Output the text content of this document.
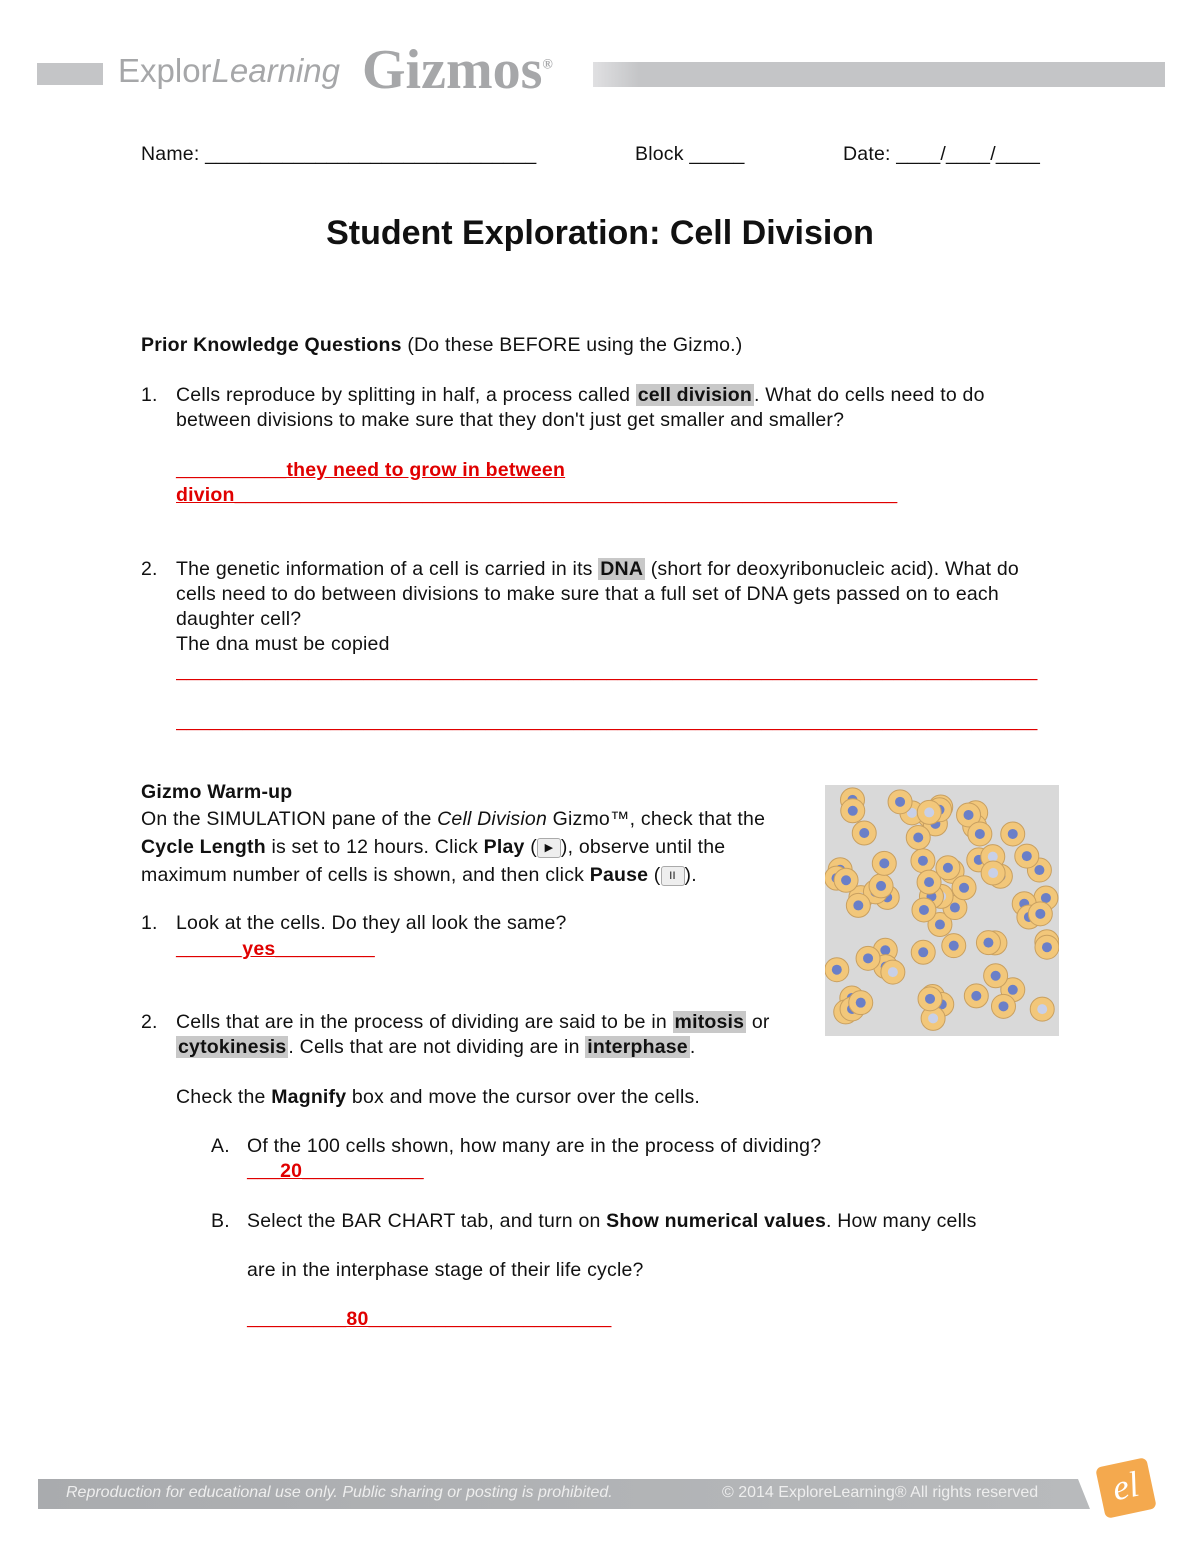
ExplorLearning Gizmos®
Name: ______________________________	Block _____	Date: ____/____/____
Student Exploration: Cell Division
Prior Knowledge Questions (Do these BEFORE using the Gizmo.)
1. Cells reproduce by splitting in half, a process called cell division . What do cells need to do between divisions to make sure that they don't just get smaller and smaller?
__________they need to grow in between
divion____________________________________________________________
2. The genetic information of a cell is carried in its DNA (short for deoxyribonucleic acid). What do cells need to do between divisions to make sure that a full set of DNA gets passed on to each daughter cell?
The dna must be copied
______________________________________________________________________________
______________________________________________________________________________
Gizmo Warm-up
On the SIMULATION pane of the Cell Division Gizmo™, check that the Cycle Length is set to 12 hours. Click Play ( ▶ ), observe until the maximum number of cells is shown, and then click Pause ( II ).
1. Look at the cells. Do they all look the same?
______yes_________
2. Cells that are in the process of dividing are said to be in mitosis or cytokinesis . Cells that are not dividing are in interphase .
Check the Magnify box and move the cursor over the cells.
A. Of the 100 cells shown, how many are in the process of dividing?
___20___________
B. Select the BAR CHART tab, and turn on Show numerical values. How many cells
are in the interphase stage of their life cycle?
_________80______________________
Reproduction for educational use only. Public sharing or posting is prohibited.	© 2014 ExploreLearning® All rights reserved	el
